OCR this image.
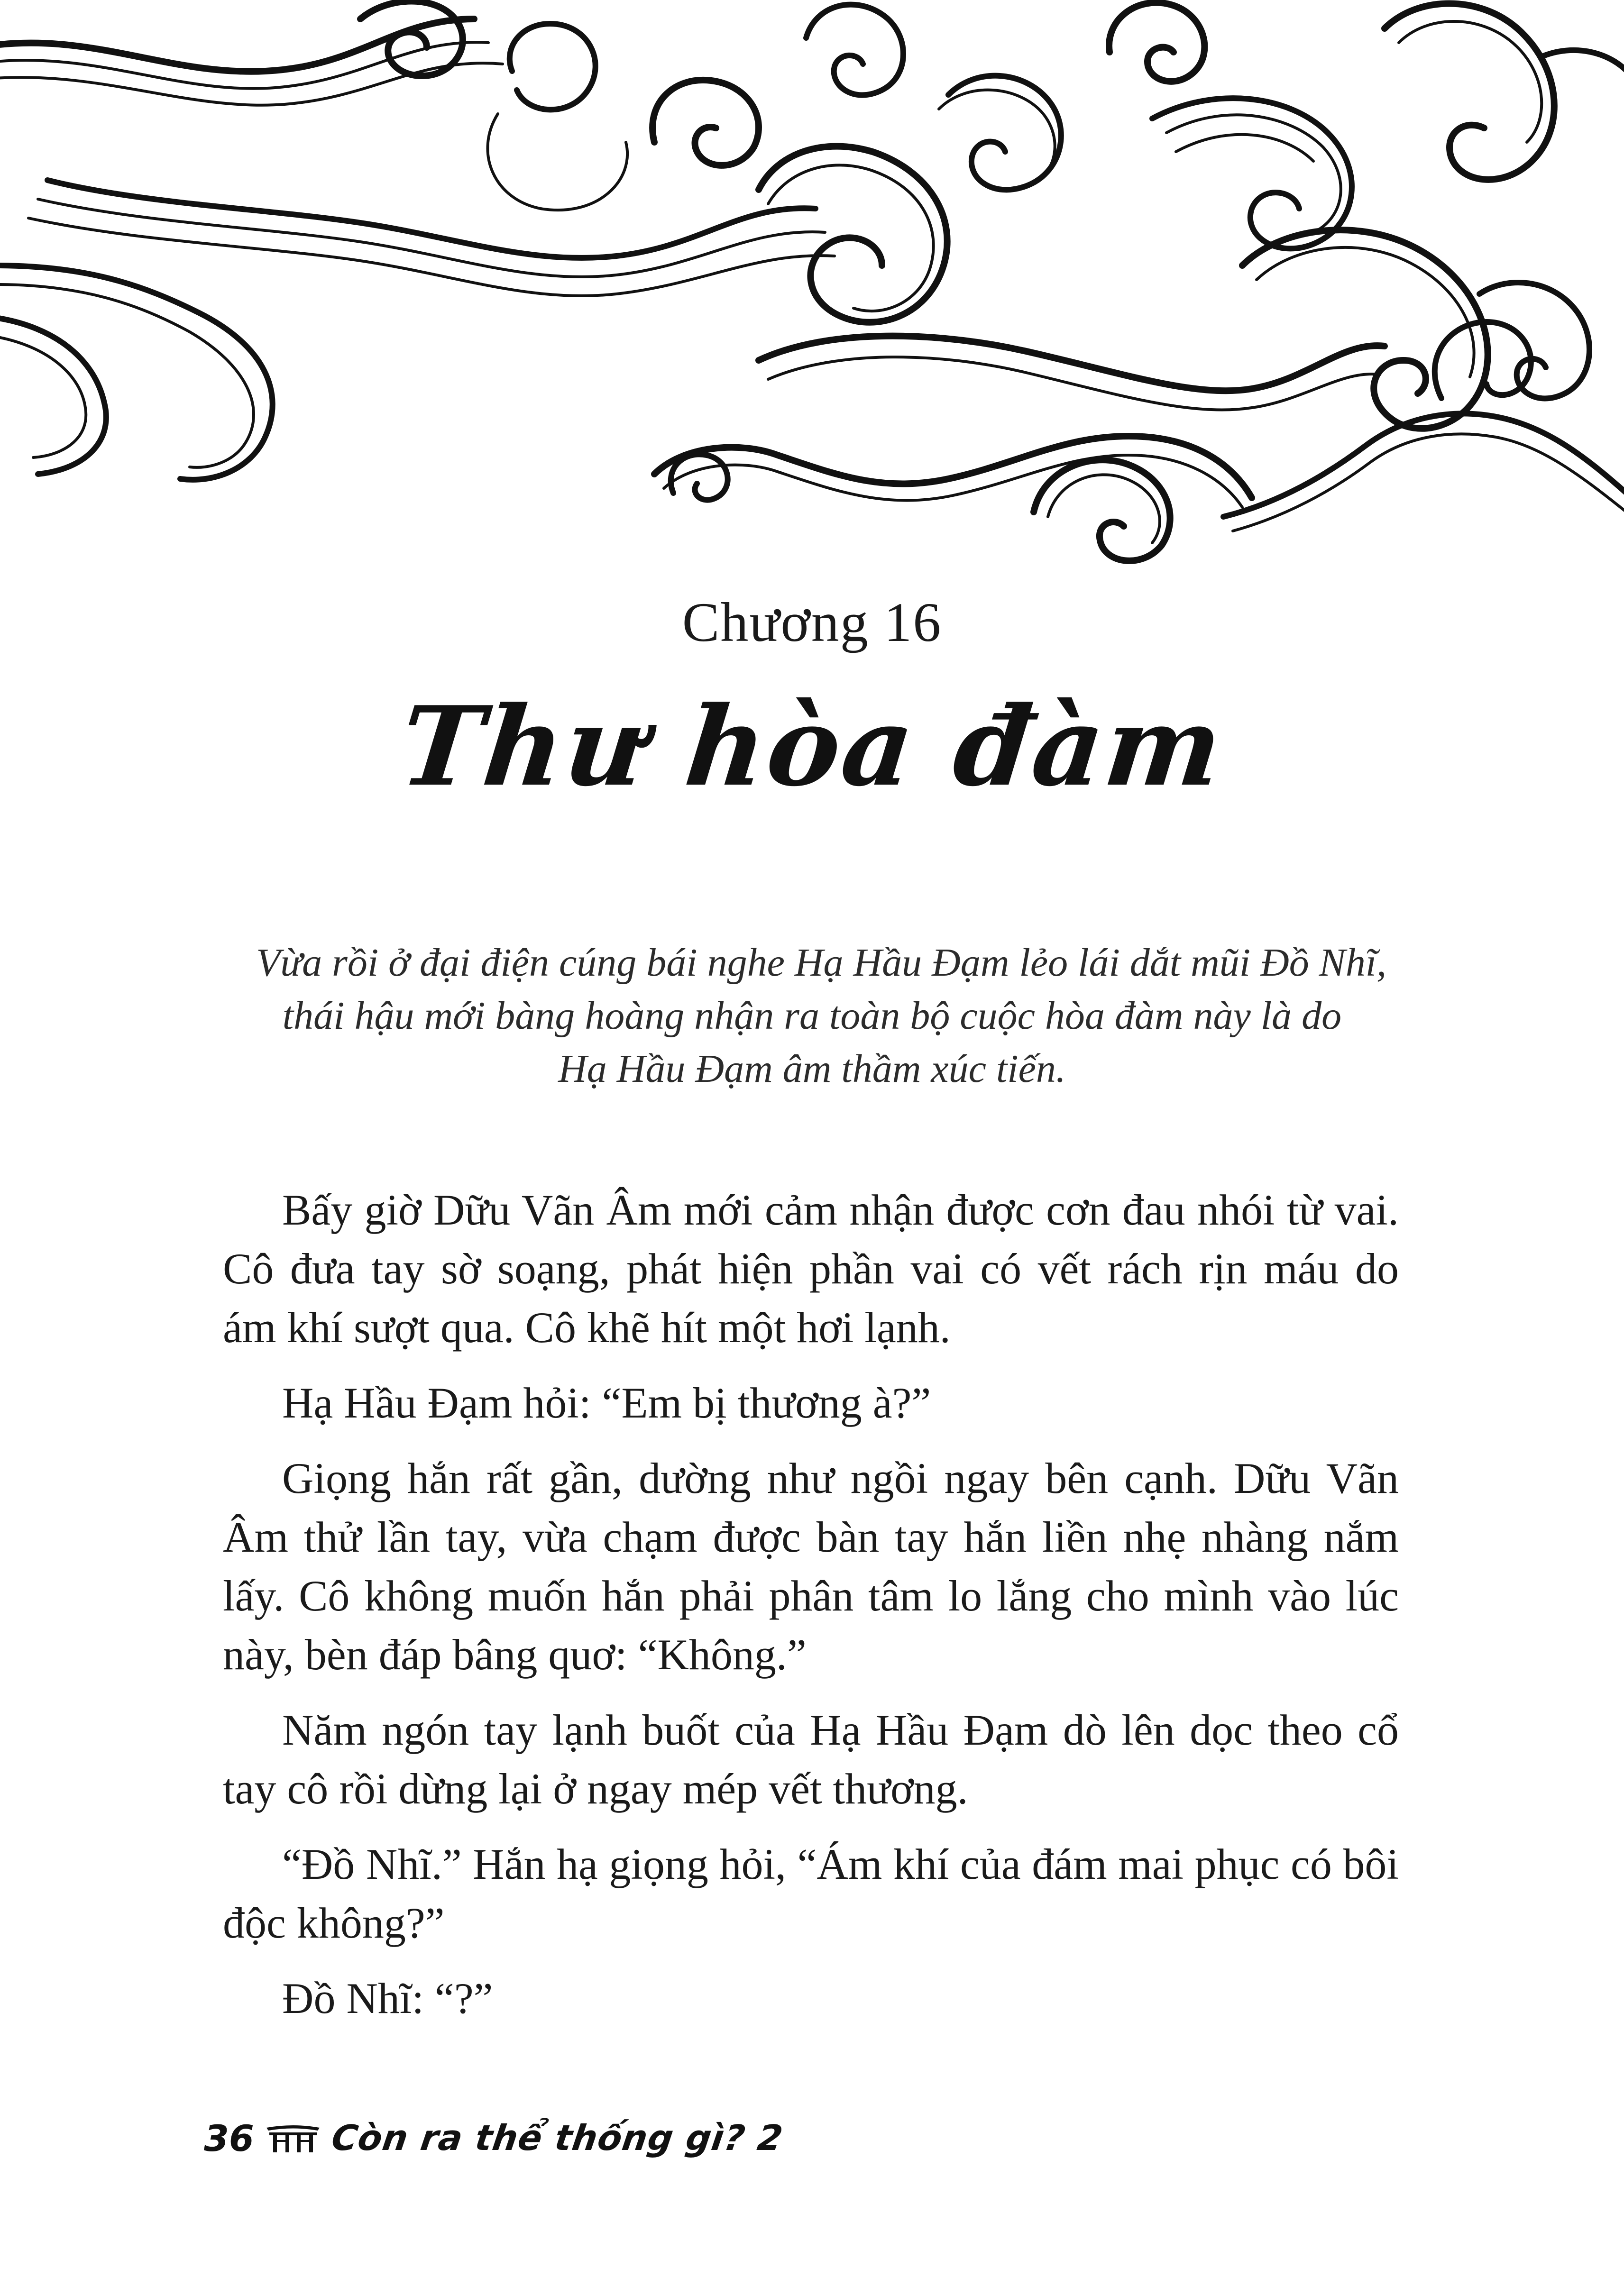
Chương 16
Thư hòa đàm
Vừa rồi ở đại điện cúng bái nghe Hạ Hầu Đạm lẻo lái dắt mũi Đồ Nhĩ,
thái hậu mới bàng hoàng nhận ra toàn bộ cuộc hòa đàm này là do
Hạ Hầu Đạm âm thầm xúc tiến.
Bấy giờ Dữu Vãn Âm mới cảm nhận được cơn đau nhói từ vai.
Cô đưa tay sờ soạng, phát hiện phần vai có vết rách rịn máu do
ám khí sượt qua. Cô khẽ hít một hơi lạnh.
Hạ Hầu Đạm hỏi: “Em bị thương à?”
Giọng hắn rất gần, dường như ngồi ngay bên cạnh. Dữu Vãn
Âm thử lần tay, vừa chạm được bàn tay hắn liền nhẹ nhàng nắm
lấy. Cô không muốn hắn phải phân tâm lo lắng cho mình vào lúc
này, bèn đáp bâng quơ: “Không.”
Năm ngón tay lạnh buốt của Hạ Hầu Đạm dò lên dọc theo cổ
tay cô rồi dừng lại ở ngay mép vết thương.
“Đồ Nhĩ.” Hắn hạ giọng hỏi, “Ám khí của đám mai phục có bôi
độc không?”
Đồ Nhĩ: “?”
36 Còn ra thể thống gì? 2
